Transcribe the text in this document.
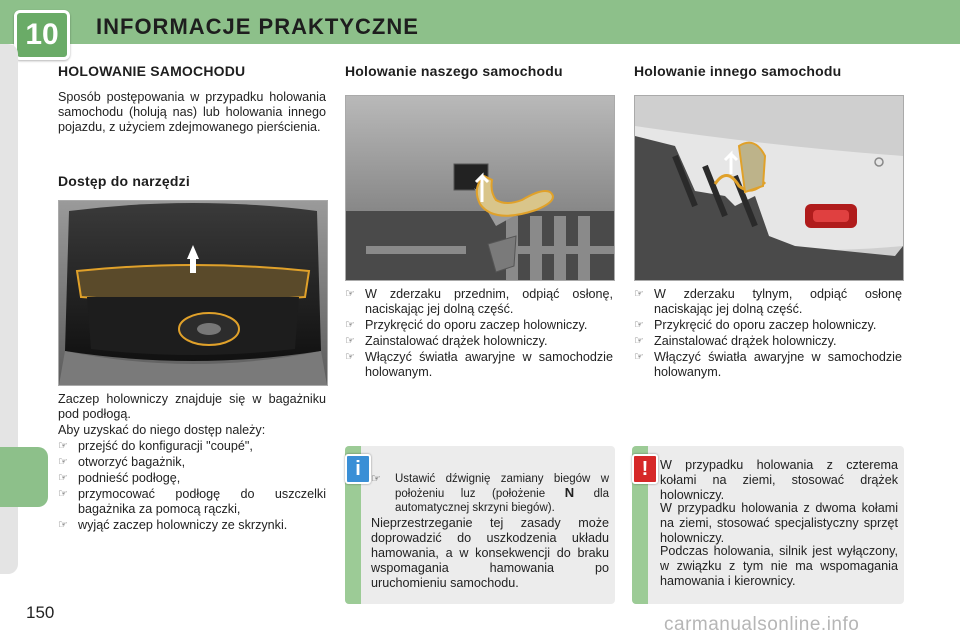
10	INFORMACJE PRAKTYCZNE
HOLOWANIE SAMOCHODU
Sposób postępowania w przypadku holowania samochodu (holują nas) lub holowania innego pojazdu, z użyciem zdejmowanego pierścienia.
Dostęp do narzędzi
Zaczep holowniczy znajduje się w bagażniku pod podłogą.
Aby uzyskać do niego dostęp należy:
☞ przejść do konfiguracji "coupé",
☞ otworzyć bagażnik,
☞ podnieść podłogę,
☞ przymocować podłogę do uszczelki bagażnika za pomocą rączki,
☞ wyjąć zaczep holowniczy ze skrzynki.
Holowanie naszego samochodu
☞ W zderzaku przednim, odpiąć osłonę, naciskając jej dolną część.
☞ Przykręcić do oporu zaczep holowniczy.
☞ Zainstalować drążek holowniczy.
☞ Włączyć światła awaryjne w samochodzie holowanym.
Holowanie innego samochodu
☞ W zderzaku tylnym, odpiąć osłonę naciskając jej dolną część.
☞ Przykręcić do oporu zaczep holowniczy.
☞ Zainstalować drążek holowniczy.
☞ Włączyć światła awaryjne w samochodzie holowanym.
i ☞	Ustawić dźwignię zamiany biegów w położeniu luz (położenie N dla automatycznej skrzyni biegów).
Nieprzestrzeganie tej zasady może doprowadzić do uszkodzenia układu hamowania, a w konsekwencji do braku wspomagania hamowania po uruchomieniu samochodu.
! W przypadku holowania z czterema kołami na ziemi, stosować drążek holowniczy.
W przypadku holowania z dwoma kołami na ziemi, stosować specjalistyczny sprzęt holowniczy.
Podczas holowania, silnik jest wyłączony, w związku z tym nie ma wspomagania hamowania i kierownicy.
150
carmanualsonline.info
